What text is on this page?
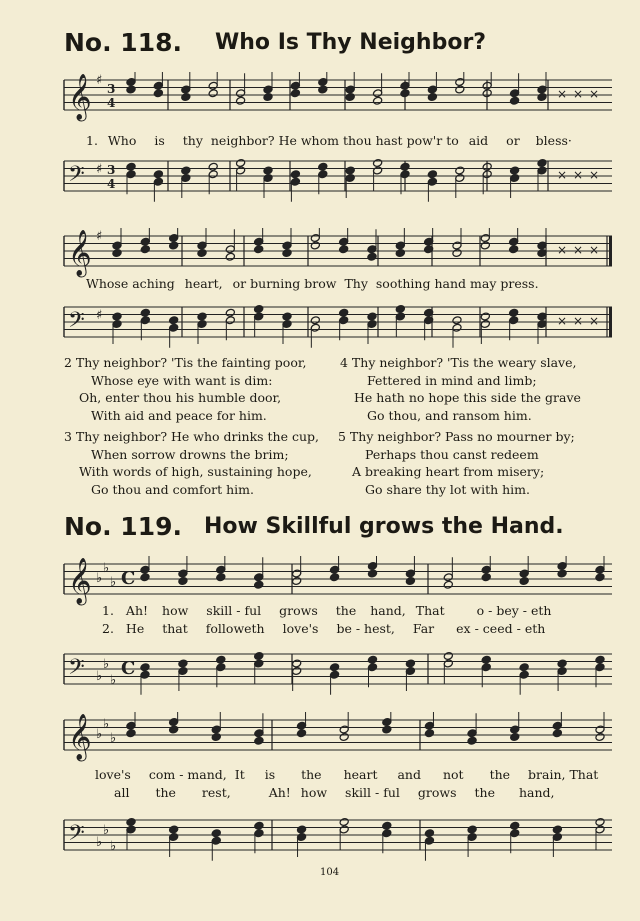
No. 118. Who Is Thy Neighbor?
𝄞 ♯
3
4
× × ×
1. Who is thy neighbor? He whom thou hast pow'r to aid or bless·
𝄢 ♯ 3
4
× × ×
𝄞 ♯
× × ×
Whose aching heart, or burning brow Thy soothing hand may press.
𝄢 ♯	× × ×
2 Thy neighbor? 'Tis the fainting poor,
Whose eye with want is dim:
Oh, enter thou his humble door,
With aid and peace for him.
4 Thy neighbor? 'Tis the weary slave,
Fettered in mind and limb;
He hath no hope this side the grave
Go thou, and ransom him.
3 Thy neighbor? He who drinks the cup,
When sorrow drowns the brim;
With words of high, sustaining hope,
Go thou and comfort him.
5 Thy neighbor? Pass no mourner by;
Perhaps thou canst redeem
A breaking heart from misery;
Go share thy lot with him.
No. 119. How Skillful grows the Hand.
𝄞 ♭
♭
♭ C
1. Ah! how skill - ful grows the hand, That	o - bey - eth
2. He that followeth love's be - hest, Far ex - ceed - eth
𝄢 ♭
♭
♭
C
𝄞 ♭
♭
♭
love's com - mand, It is the heart and not the brain, That
all the rest,	Ah! how skill - ful grows the hand,
𝄢 ♭
♭
♭
104
